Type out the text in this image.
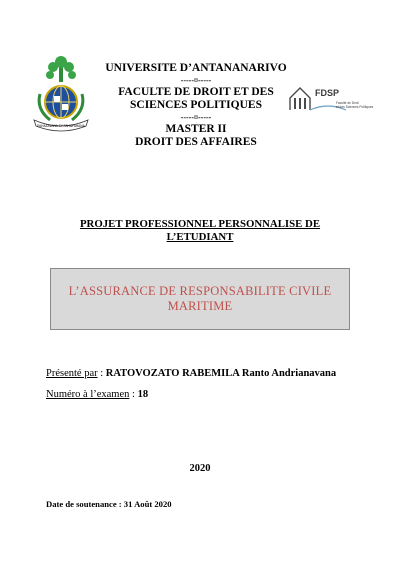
FAHAZAVANA SY FAHAFAHANA
UNIVERSITE D’ANTANANARIVO
-----¤-----
FACULTE DE DROIT ET DES
SCIENCES POLITIQUES
-----¤-----
MASTER II
DROIT DES AFFAIRES
FDSP
Faculté de Droit
et des Sciences Politiques
PROJET PROFESSIONNEL PERSONNALISE DE
L’ETUDIANT
L’ASSURANCE DE RESPONSABILITE CIVILE
MARITIME
Présenté par : RATOVOZATO RABEMILA Ranto Andrianavana
Numéro à l’examen : 18
2020
Date de soutenance : 31 Août 2020
